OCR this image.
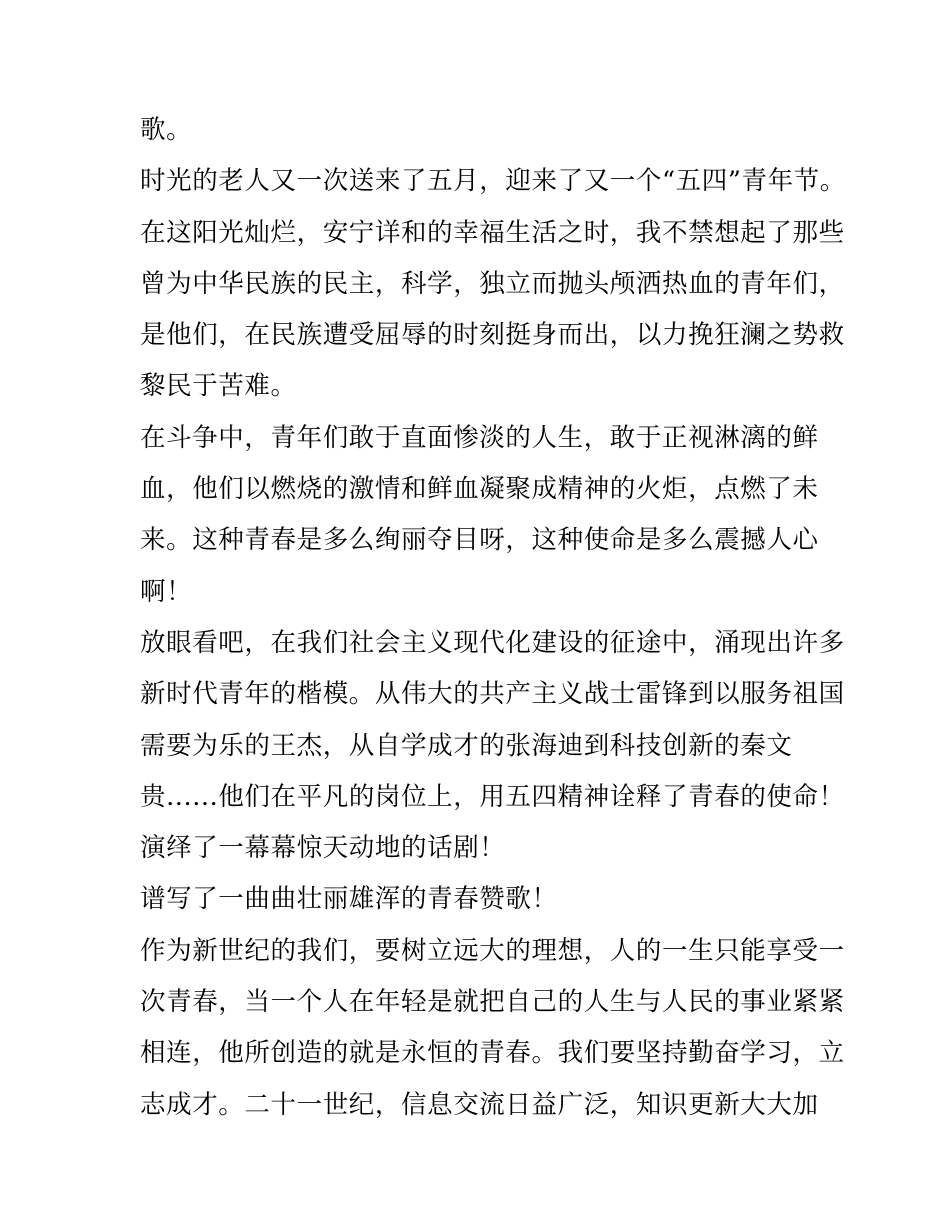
歌。
时光的老人又一次送来了五月，迎来了又一个“五四”青年节。
在这阳光灿烂，安宁详和的幸福生活之时，我不禁想起了那些
曾为中华民族的民主，科学，独立而抛头颅洒热血的青年们，
是他们，在民族遭受屈辱的时刻挺身而出，以力挽狂澜之势救
黎民于苦难。
在斗争中，青年们敢于直面惨淡的人生，敢于正视淋漓的鲜
血，他们以燃烧的激情和鲜血凝聚成精神的火炬，点燃了未
来。这种青春是多么绚丽夺目呀，这种使命是多么震撼人心
啊！
放眼看吧，在我们社会主义现代化建设的征途中，涌现出许多
新时代青年的楷模。从伟大的共产主义战士雷锋到以服务祖国
需要为乐的王杰，从自学成才的张海迪到科技创新的秦文
贵......他们在平凡的岗位上，用五四精神诠释了青春的使命！
演绎了一幕幕惊天动地的话剧！
谱写了一曲曲壮丽雄浑的青春赞歌！
作为新世纪的我们，要树立远大的理想，人的一生只能享受一
次青春，当一个人在年轻是就把自己的人生与人民的事业紧紧
相连，他所创造的就是永恒的青春。我们要坚持勤奋学习，立
志成才。二十一世纪，信息交流日益广泛，知识更新大大加
